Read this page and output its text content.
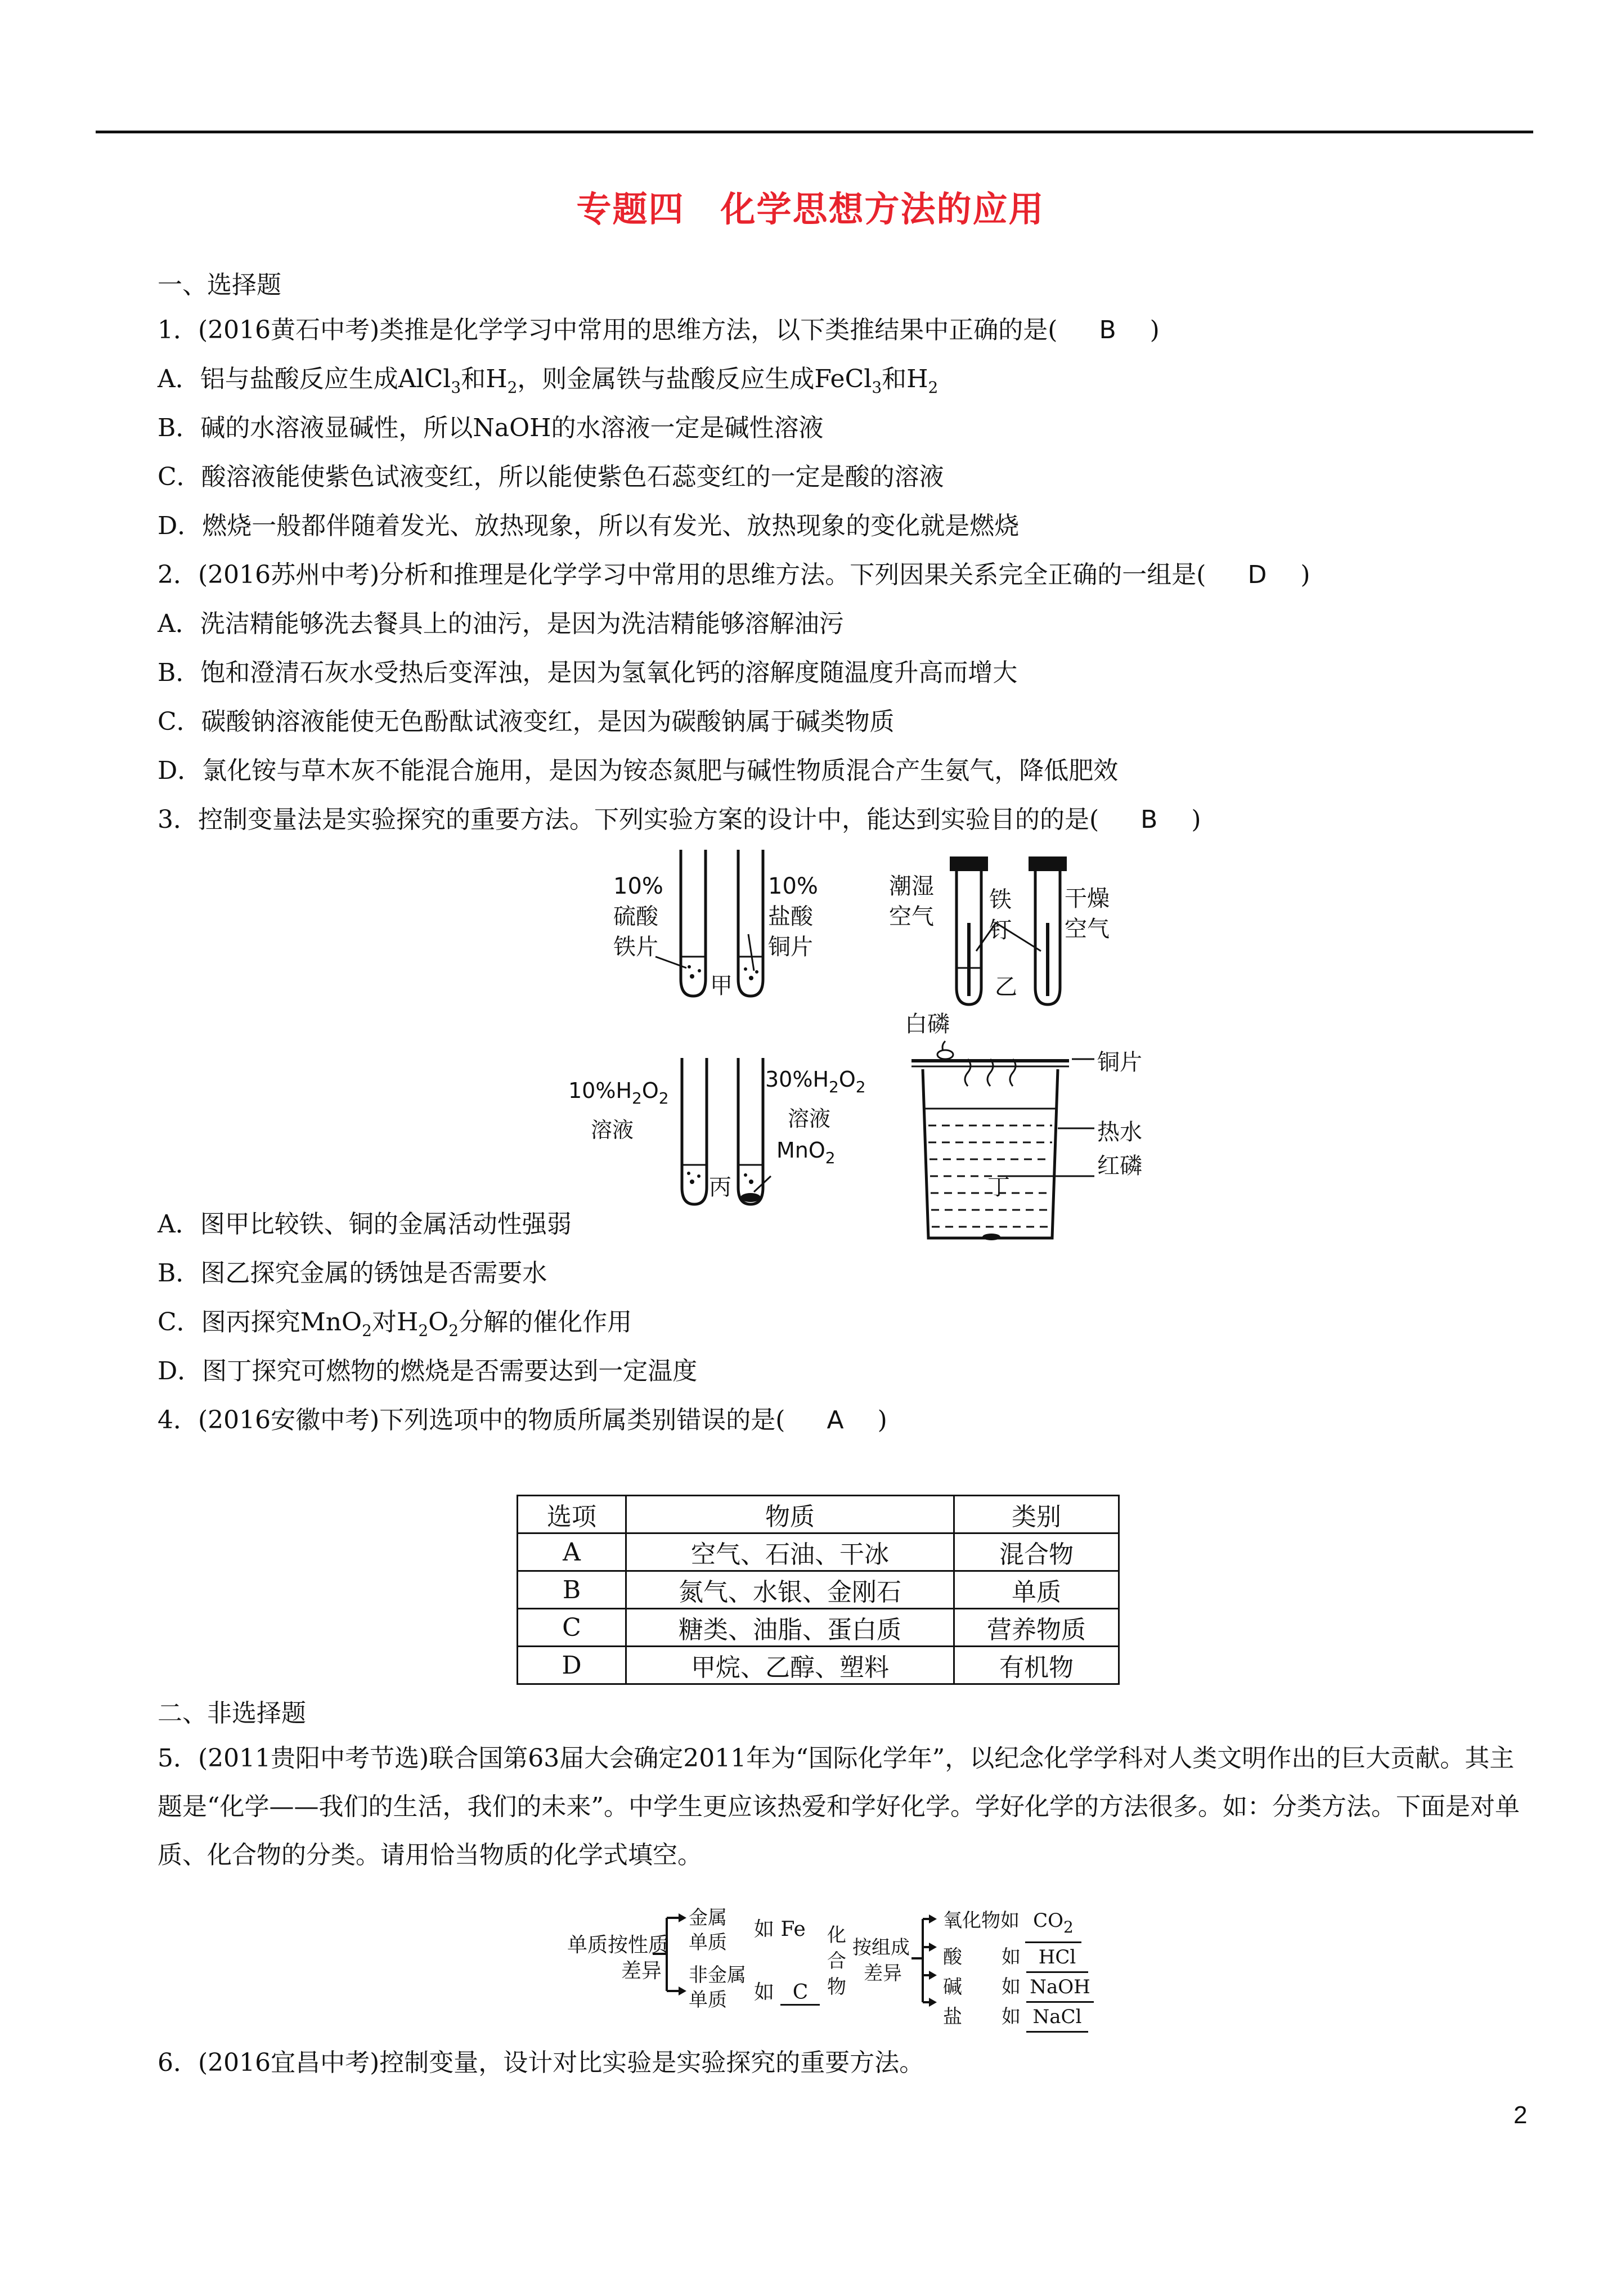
专题四　化学思想方法的应用
一、选择题
1．(2016黄石中考)类推是化学学习中常用的思维方法，以下类推结果中正确的是( B )
A．铝与盐酸反应生成AlCl$_3$和$H_2$，则金属铁与盐酸反应生成FeCl$_3$和$H_2$
B．碱的水溶液显碱性，所以NaOH的水溶液一定是碱性溶液
C．酸溶液能使紫色试液变红，所以能使紫色石蕊变红的一定是酸的溶液
D．燃烧一般都伴随着发光、放热现象，所以有发光、放热现象的变化就是燃烧
2．(2016苏州中考)分析和推理是化学学习中常用的思维方法。下列因果关系完全正确的一组是( D )
A．洗洁精能够洗去餐具上的油污，是因为洗洁精能够溶解油污
B．饱和澄清石灰水受热后变浑浊，是因为氢氧化钙的溶解度随温度升高而增大
C．碳酸钠溶液能使无色酚酞试液变红，是因为碳酸钠属于碱类物质
D．氯化铵与草木灰不能混合施用，是因为铵态氮肥与碱性物质混合产生氨气，降低肥效
3．控制变量法是实验探究的重要方法。下列实验方案的设计中，能达到实验目的的是( B )
10%
硫酸
铁片
10%
盐酸
铜片
甲
潮湿
空气
铁
钉
干燥
空气
乙
$10\%H_2O_2$
溶液
$30\%H_2O_2$
溶液
MnO$_2$
丙
白磷
铜片
热水
红磷
丁
A．图甲比较铁、铜的金属活动性强弱
B．图乙探究金属的锈蚀是否需要水
C．图丙探究MnO$_2$对$H_2O_2$分解的催化作用
D．图丁探究可燃物的燃烧是否需要达到一定温度
4．(2016安徽中考)下列选项中的物质所属类别错误的是( A )
选项	物质	类别
A	空气、石油、干冰	混合物
B	氮气、水银、金刚石	单质
C	糖类、油脂、蛋白质	营养物质
D	甲烷、乙醇、塑料	有机物
二、非选择题
5．(2011贵阳中考节选)联合国第63届大会确定2011年为“国际化学年”，以纪念化学学科对人类文明作出的巨大贡献。其主题是“化学——我们的生活，我们的未来”。中学生更应该热爱和学好化学。学好化学的方法很多。如：分类方法。下面是对单质、化合物的分类。请用恰当物质的化学式填空。
单质按性质
差异
金属
单质
如 Fe
非金属
单质	如 C
化
合
物
按组成
差异
氧化物如 $CO_2$
酸 如 HCl
碱 如 NaOH
盐 如 NaCl
6．(2016宜昌中考)控制变量，设计对比实验是实验探究的重要方法。
2
